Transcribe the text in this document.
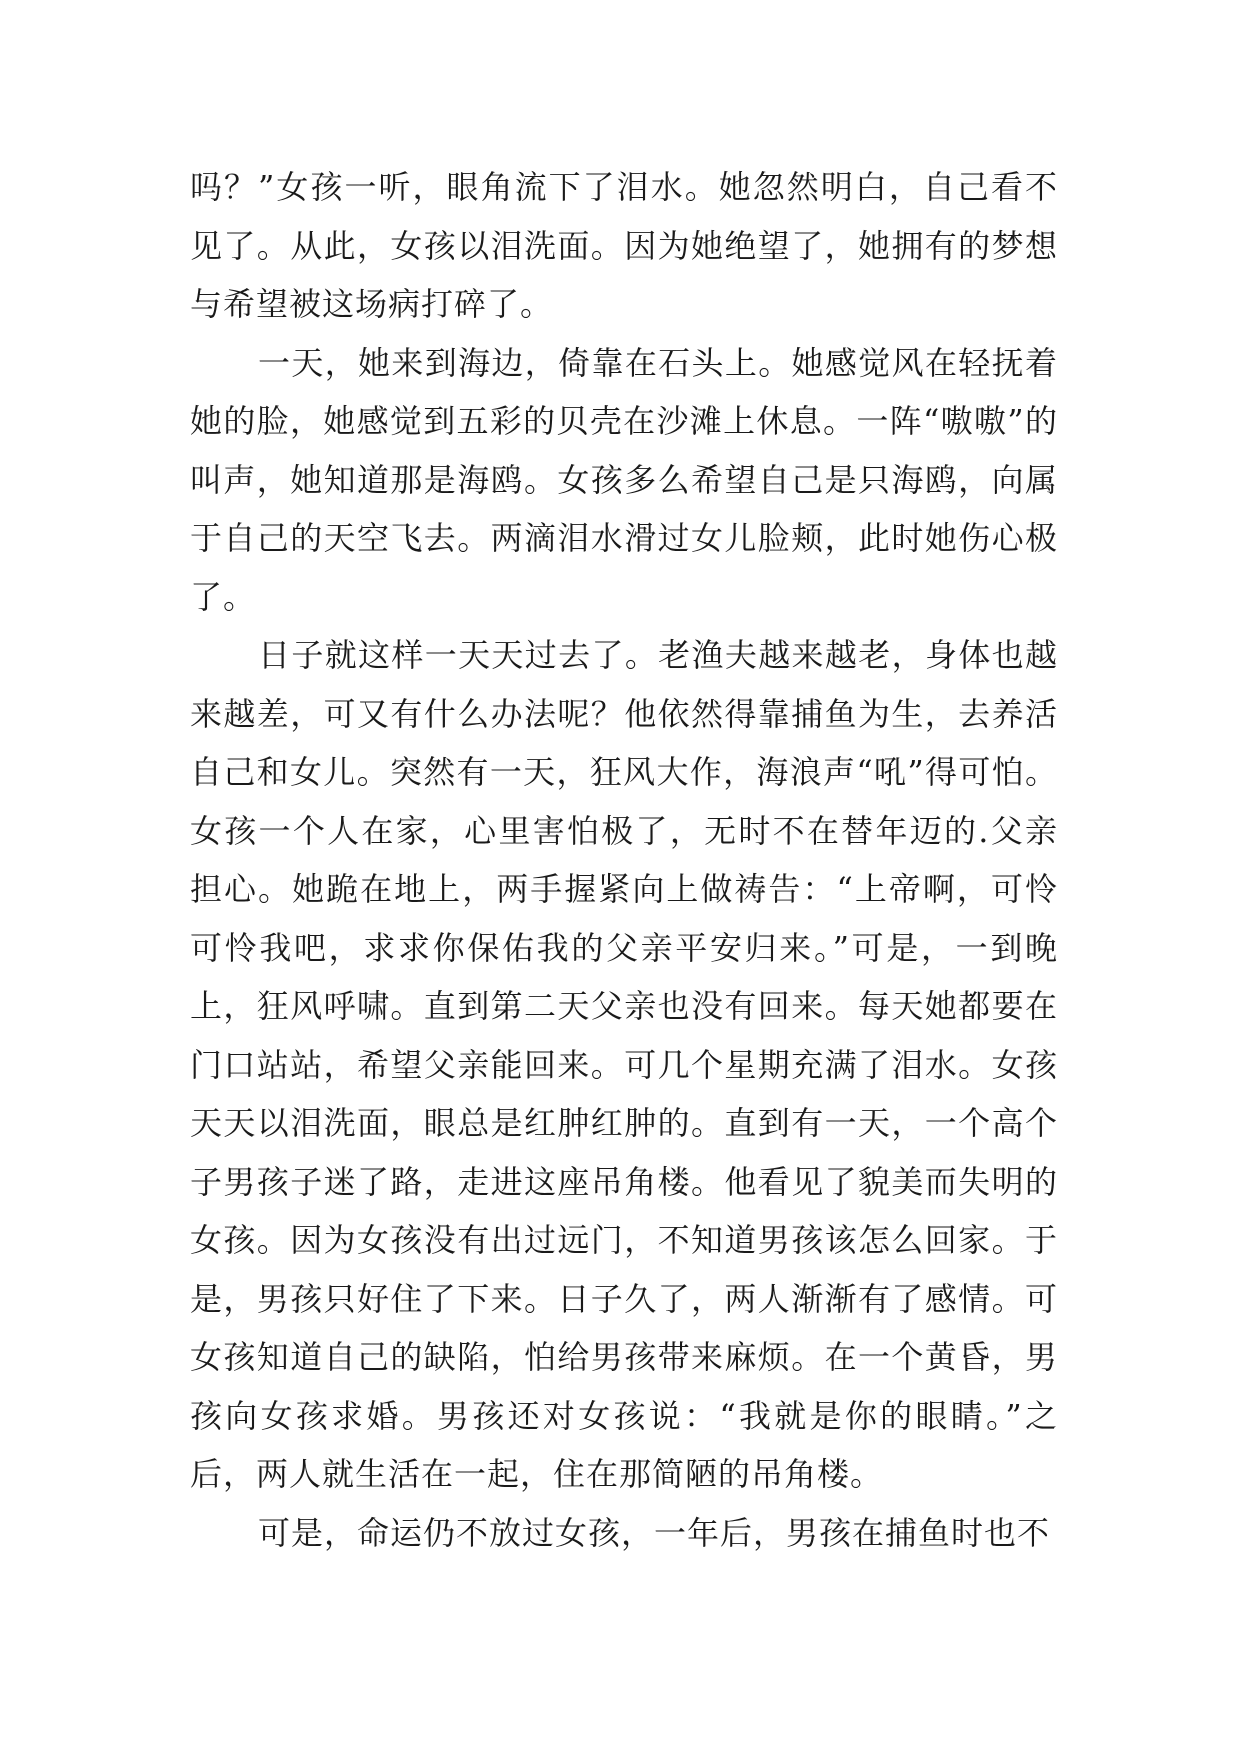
吗？”女孩一听，眼角流下了泪水。她忽然明白，自己看不见了。从此，女孩以泪洗面。因为她绝望了，她拥有的梦想与希望被这场病打碎了。

一天，她来到海边，倚靠在石头上。她感觉风在轻抚着她的脸，她感觉到五彩的贝壳在沙滩上休息。一阵“嗷嗷”的叫声，她知道那是海鸥。女孩多么希望自己是只海鸥，向属于自己的天空飞去。两滴泪水滑过女儿脸颊，此时她伤心极了。

日子就这样一天天过去了。老渔夫越来越老，身体也越来越差，可又有什么办法呢？他依然得靠捕鱼为生，去养活自己和女儿。突然有一天，狂风大作，海浪声“吼”得可怕。女孩一个人在家，心里害怕极了，无时不在替年迈的.父亲担心。她跪在地上，两手握紧向上做祷告：“上帝啊，可怜可怜我吧，求求你保佑我的父亲平安归来。”可是，一到晚上，狂风呼啸。直到第二天父亲也没有回来。每天她都要在门口站站，希望父亲能回来。可几个星期充满了泪水。女孩天天以泪洗面，眼总是红肿红肿的。直到有一天，一个高个子男孩子迷了路，走进这座吊角楼。他看见了貌美而失明的女孩。因为女孩没有出过远门，不知道男孩该怎么回家。于是，男孩只好住了下来。日子久了，两人渐渐有了感情。可女孩知道自己的缺陷，怕给男孩带来麻烦。在一个黄昏，男孩向女孩求婚。男孩还对女孩说：“我就是你的眼睛。”之后，两人就生活在一起，住在那简陋的吊角楼。

可是，命运仍不放过女孩，一年后，男孩在捕鱼时也不
